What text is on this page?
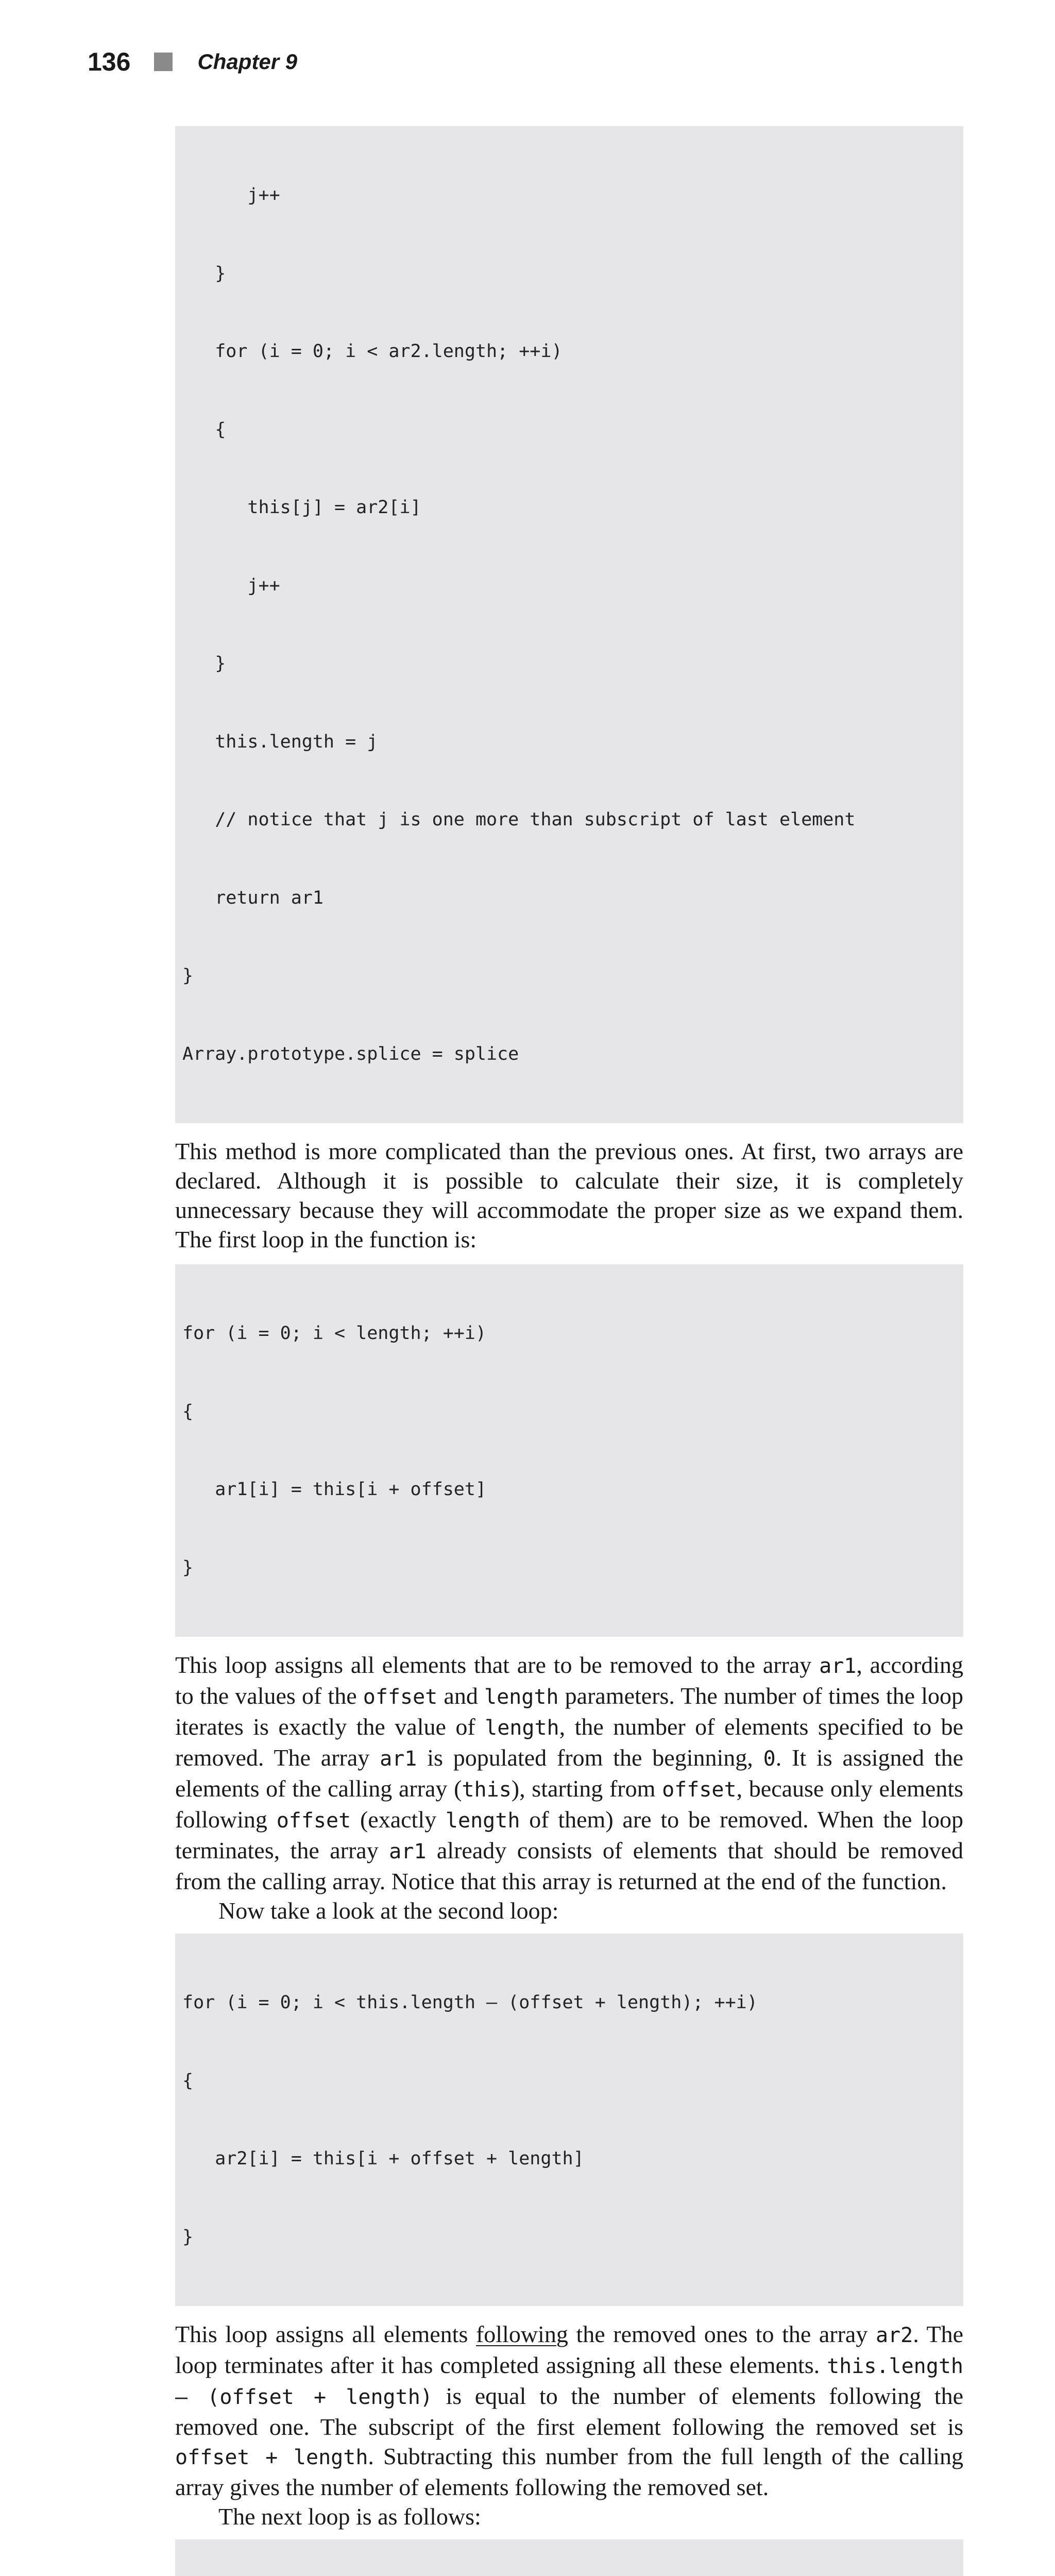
136	Chapter 9

j++

}

for (i = 0; i < ar2.length; ++i)

{

this[j] = ar2[i]

j++

}

this.length = j

// notice that j is one more than subscript of last element

return ar1

}

Array.prototype.splice = splice

This method is more complicated than the previous ones. At first, two arrays are declared. Although it is possible to calculate their size, it is completely unnecessary because they will accommodate the proper size as we expand them. The first loop in the function is:

for (i = 0; i < length; ++i)

{

ar1[i] = this[i + offset]

}

This loop assigns all elements that are to be removed to the array ar1, according to the values of the offset and length parameters. The number of times the loop iterates is exactly the value of length, the number of elements specified to be removed. The array ar1 is populated from the beginning, 0. It is assigned the elements of the calling array (this), starting from offset, because only elements following offset (exactly length of them) are to be removed. When the loop terminates, the array ar1 already consists of elements that should be removed from the calling array. Notice that this array is returned at the end of the function.

Now take a look at the second loop:

for (i = 0; i < this.length – (offset + length); ++i)

{

ar2[i] = this[i + offset + length]

}

This loop assigns all elements following the removed ones to the array ar2. The loop terminates after it has completed assigning all these elements. this.length – (offset + length) is equal to the number of elements following the removed one. The subscript of the first element following the removed set is offset + length. Subtracting this number from the full length of the calling array gives the number of elements following the removed set.

The next loop is as follows:
